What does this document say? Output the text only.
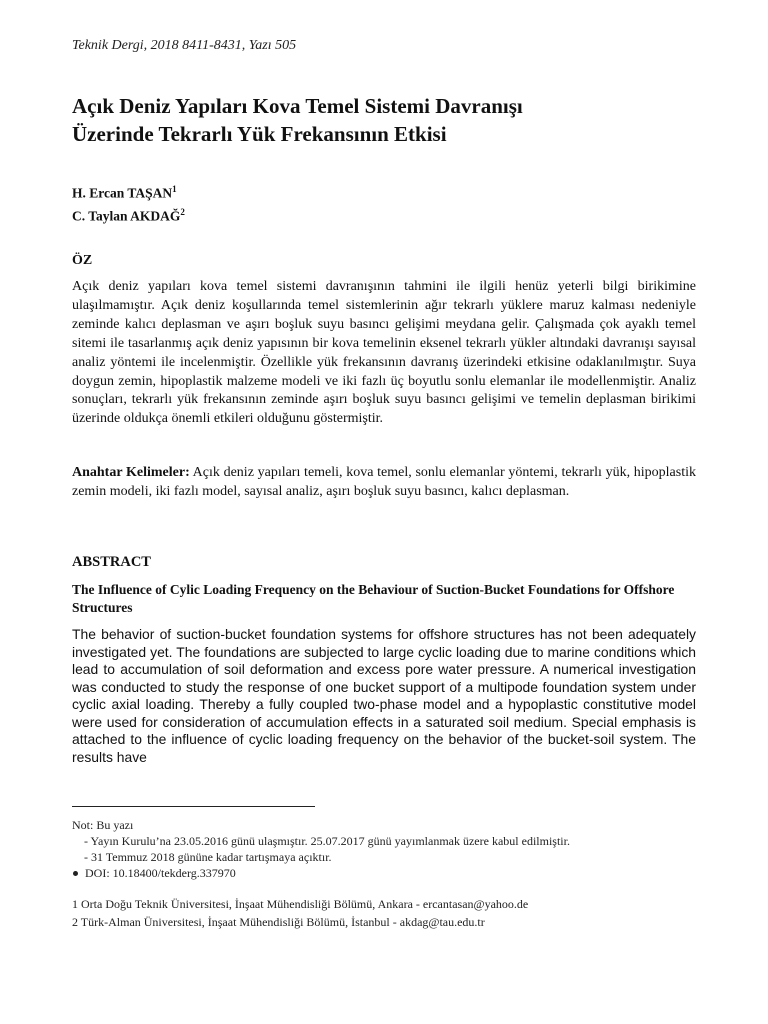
Teknik Dergi, 2018 8411-8431, Yazı 505
Açık Deniz Yapıları Kova Temel Sistemi Davranışı
Üzerinde Tekrarlı Yük Frekansının Etkisi
H. Ercan TAŞAN$^1$
C. Taylan AKDAĞ$^2$
ÖZ
Açık deniz yapıları kova temel sistemi davranışının tahmini ile ilgili henüz yeterli bilgi birikimine ulaşılmamıştır. Açık deniz koşullarında temel sistemlerinin ağır tekrarlı yüklere maruz kalması nedeniyle zeminde kalıcı deplasman ve aşırı boşluk suyu basıncı gelişimi meydana gelir. Çalışmada çok ayaklı temel sitemi ile tasarlanmış açık deniz yapısının bir kova temelinin eksenel tekrarlı yükler altındaki davranışı sayısal analiz yöntemi ile incelenmiştir. Özellikle yük frekansının davranış üzerindeki etkisine odaklanılmıştır. Suya doygun zemin, hipoplastik malzeme modeli ve iki fazlı üç boyutlu sonlu elemanlar ile modellenmiştir. Analiz sonuçları, tekrarlı yük frekansının zeminde aşırı boşluk suyu basıncı gelişimi ve temelin deplasman birikimi üzerinde oldukça önemli etkileri olduğunu göstermiştir.
Anahtar Kelimeler: Açık deniz yapıları temeli, kova temel, sonlu elemanlar yöntemi, tekrarlı yük, hipoplastik zemin modeli, iki fazlı model, sayısal analiz, aşırı boşluk suyu basıncı, kalıcı deplasman.
ABSTRACT
The Influence of Cylic Loading Frequency on the Behaviour of Suction-Bucket Foundations for Offshore Structures
The behavior of suction-bucket foundation systems for offshore structures has not been adequately investigated yet. The foundations are subjected to large cyclic loading due to marine conditions which lead to accumulation of soil deformation and excess pore water pressure. A numerical investigation was conducted to study the response of one bucket support of a multipode foundation system under cyclic axial loading. Thereby a fully coupled two-phase model and a hypoplastic constitutive model were used for consideration of accumulation effects in a saturated soil medium. Special emphasis is attached to the influence of cyclic loading frequency on the behavior of the bucket-soil system. The results have
Not: Bu yazı
- Yayın Kurulu’na 23.05.2016 günü ulaşmıştır. 25.07.2017 günü yayımlanmak üzere kabul edilmiştir.
- 31 Temmuz 2018 gününe kadar tartışmaya açıktır.
DOI: 10.18400/tekderg.337970
1 Orta Doğu Teknik Üniversitesi, İnşaat Mühendisliği Bölümü, Ankara - ercantasan@yahoo.de
2 Türk-Alman Üniversitesi, İnşaat Mühendisliği Bölümü, İstanbul - akdag@tau.edu.tr
